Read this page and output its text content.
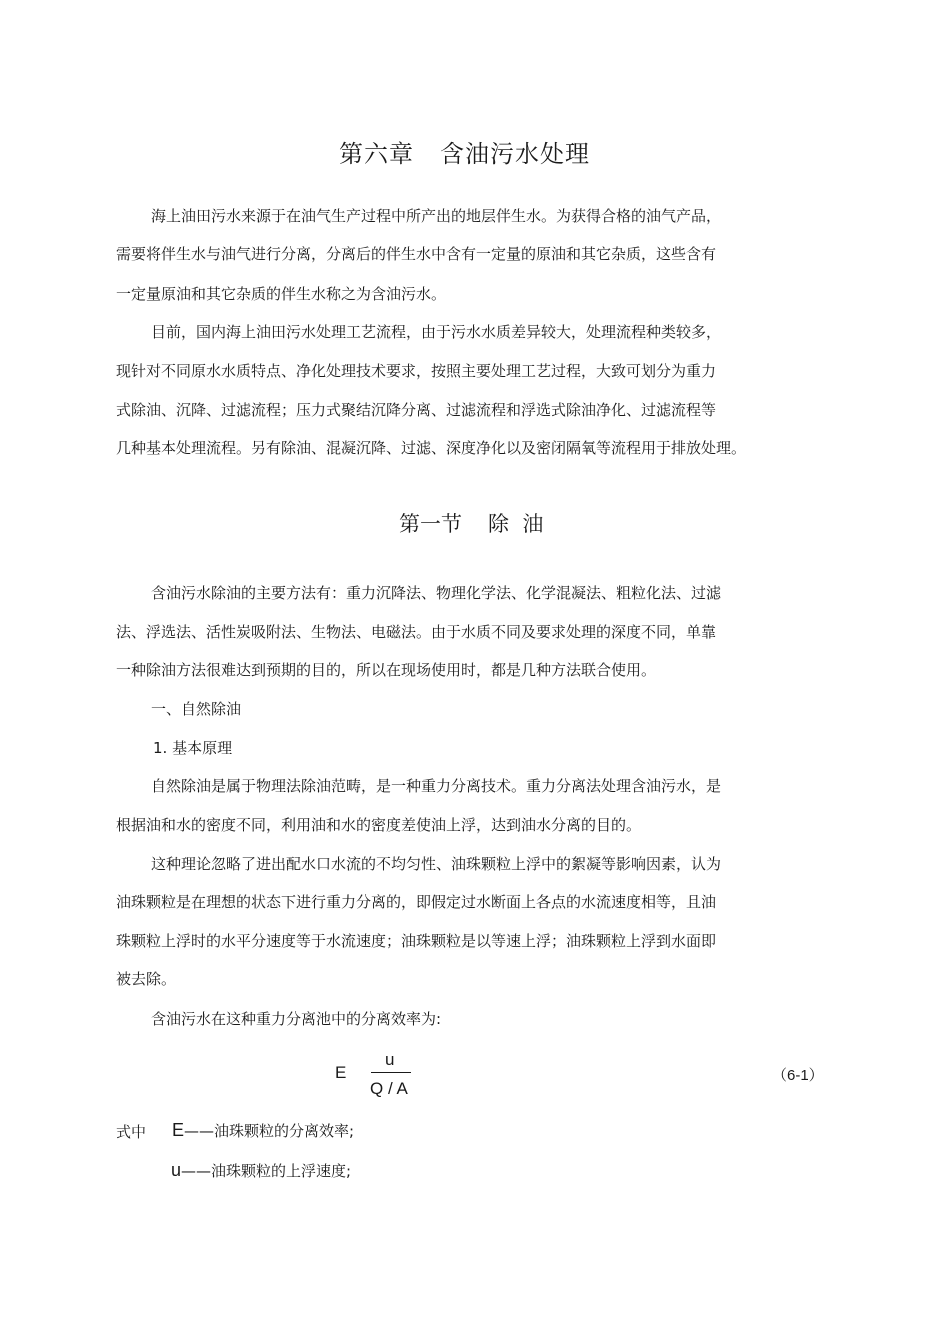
第六章 含油污水处理
海上油田污水来源于在油气生产过程中所产出的地层伴生水。为获得合格的油气产品，
需要将伴生水与油气进行分离，分离后的伴生水中含有一定量的原油和其它杂质，这些含有
一定量原油和其它杂质的伴生水称之为含油污水。
目前，国内海上油田污水处理工艺流程，由于污水水质差异较大，处理流程种类较多，
现针对不同原水水质特点、净化处理技术要求，按照主要处理工艺过程，大致可划分为重力
式除油、沉降、过滤流程；压力式聚结沉降分离、过滤流程和浮选式除油净化、过滤流程等
几种基本处理流程。另有除油、混凝沉降、过滤、深度净化以及密闭隔氧等流程用于排放处理。
第一节 除  油
含油污水除油的主要方法有：重力沉降法、物理化学法、化学混凝法、粗粒化法、过滤
法、浮选法、活性炭吸附法、生物法、电磁法。由于水质不同及要求处理的深度不同，单靠
一种除油方法很难达到预期的目的，所以在现场使用时，都是几种方法联合使用。
一、自然除油
1. 基本原理
自然除油是属于物理法除油范畴，是一种重力分离技术。重力分离法处理含油污水，是
根据油和水的密度不同，利用油和水的密度差使油上浮，达到油水分离的目的。
这种理论忽略了进出配水口水流的不均匀性、油珠颗粒上浮中的絮凝等影响因素，认为
油珠颗粒是在理想的状态下进行重力分离的，即假定过水断面上各点的水流速度相等，且油
珠颗粒上浮时的水平分速度等于水流速度；油珠颗粒是以等速上浮；油珠颗粒上浮到水面即
被去除。
含油污水在这种重力分离池中的分离效率为:
E
u
Q / A
（6-1）
式中 E——油珠颗粒的分离效率;
u——油珠颗粒的上浮速度;
